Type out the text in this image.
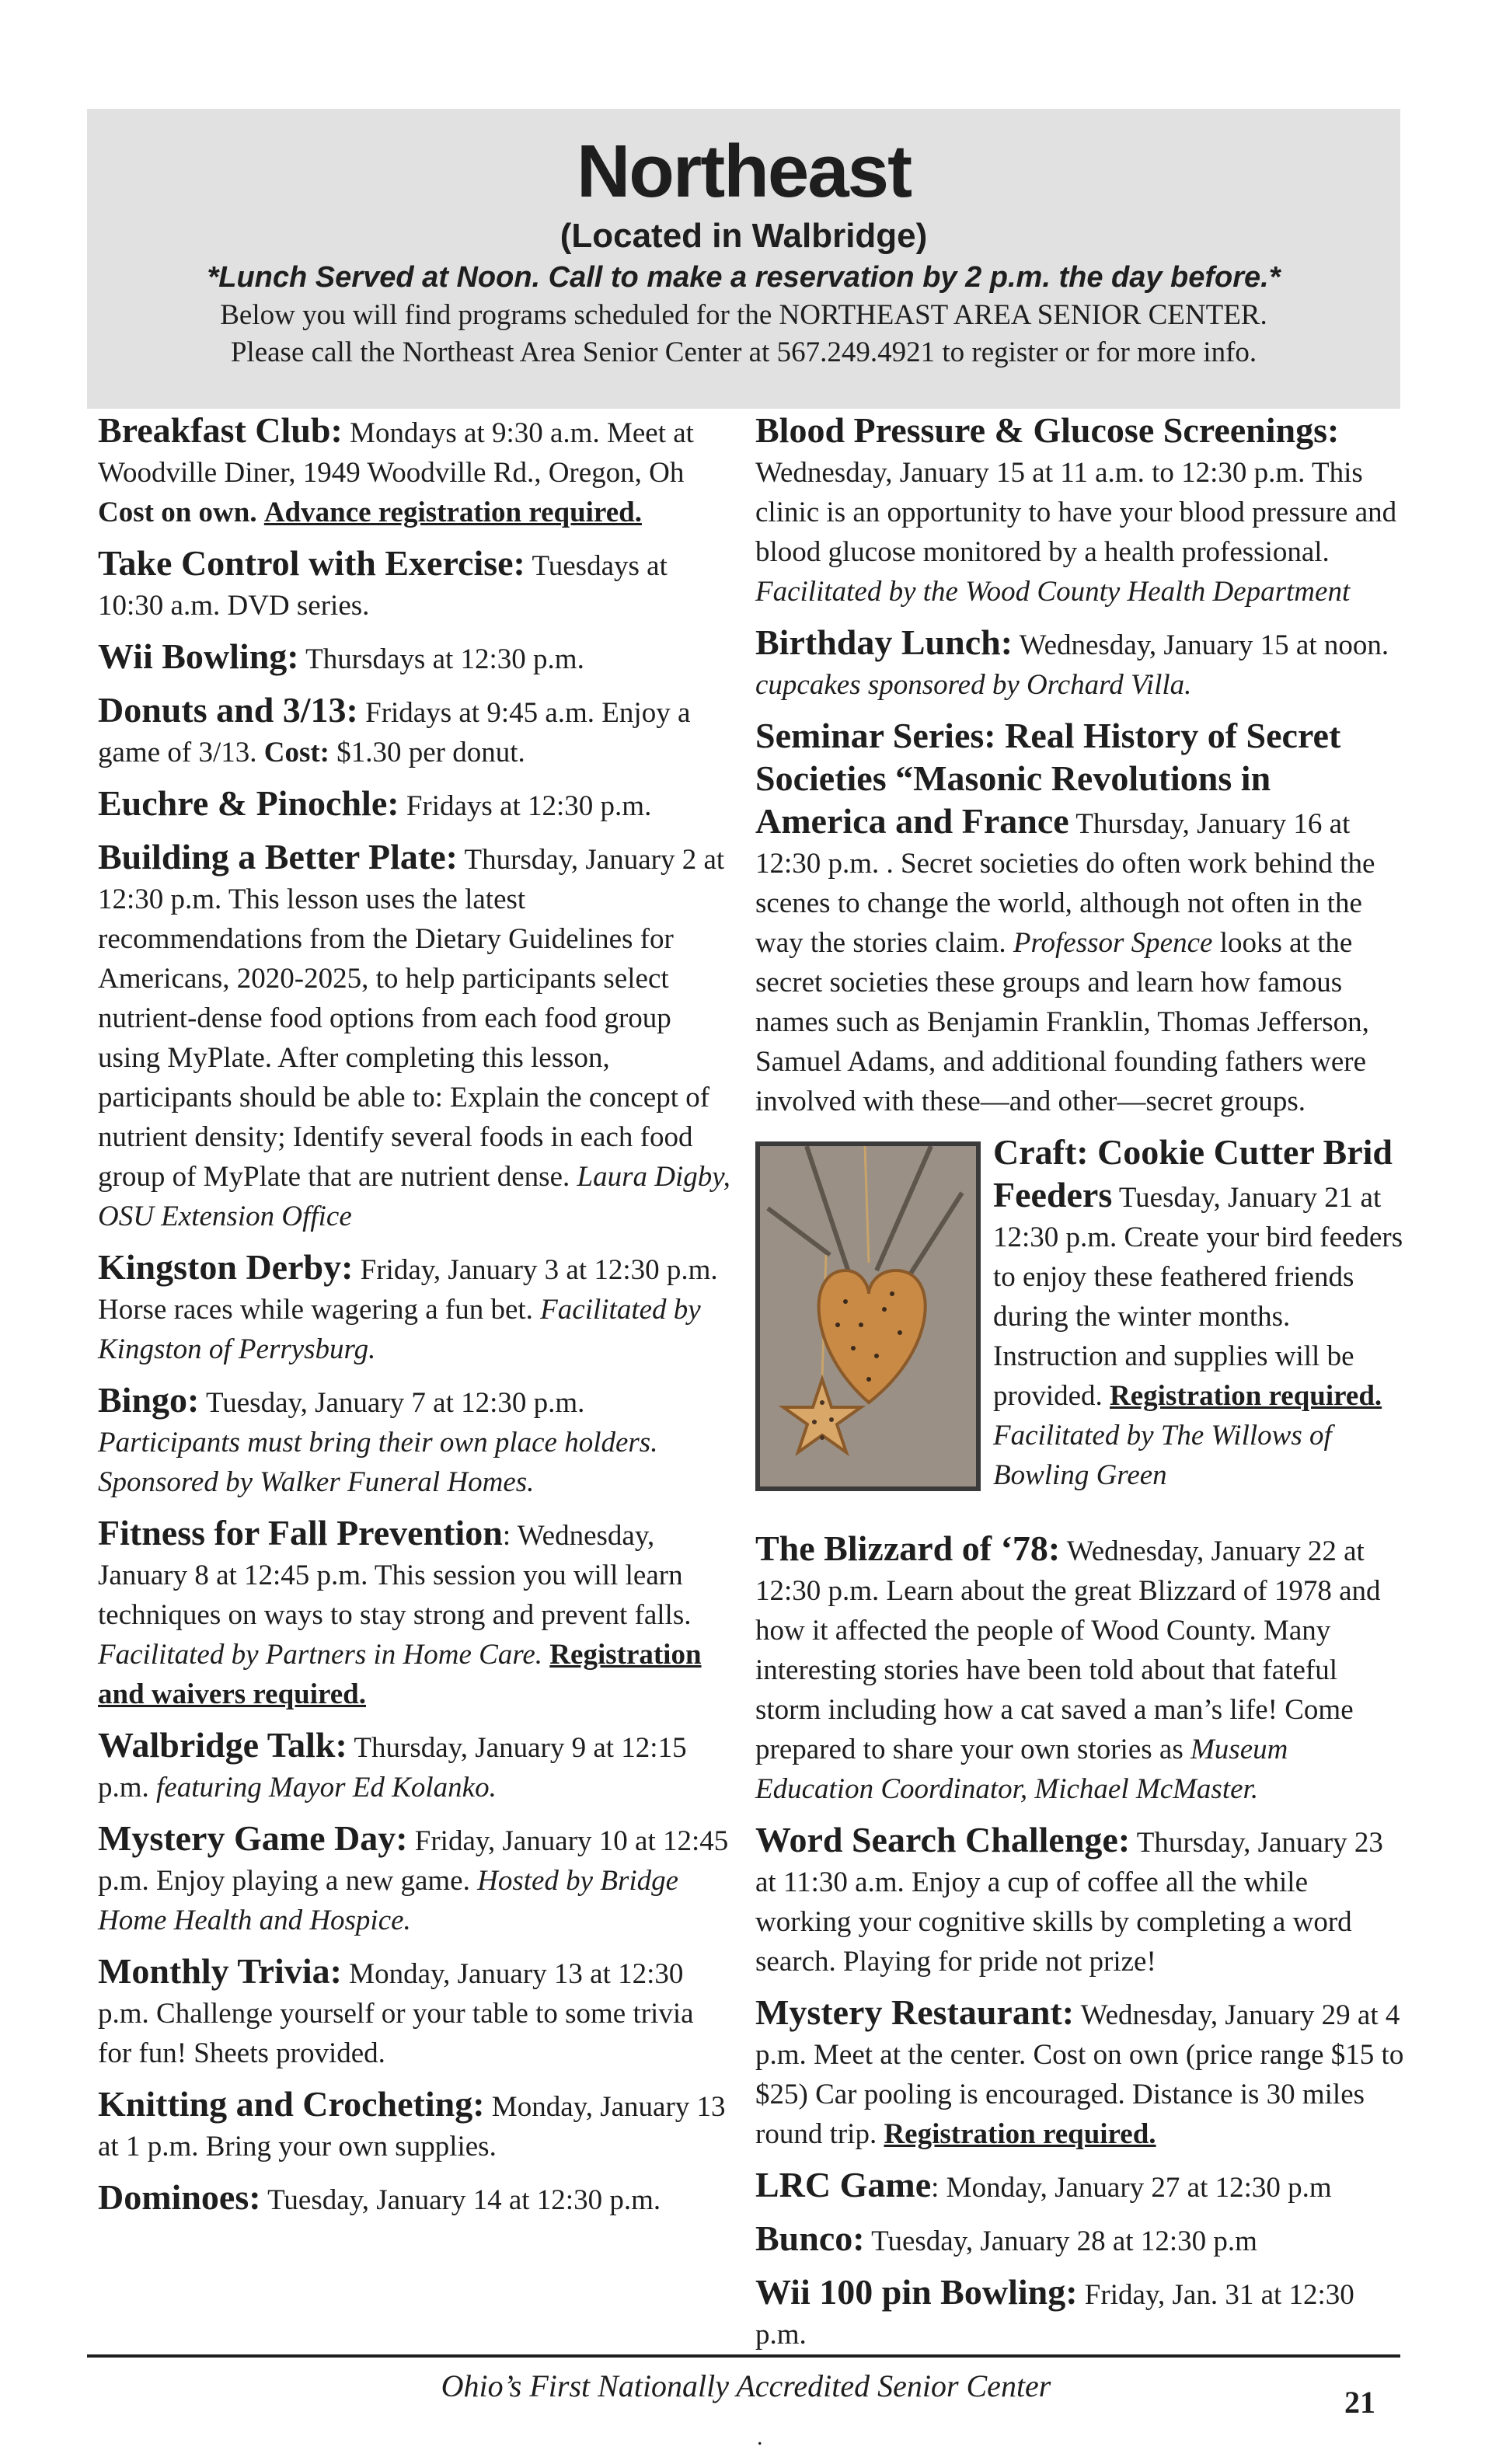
Northeast
(Located in Walbridge)
*Lunch Served at Noon. Call to make a reservation by 2 p.m. the day before.*
Below you will find programs scheduled for the NORTHEAST AREA SENIOR CENTER.
Please call the Northeast Area Senior Center at 567.249.4921 to register or for more info.
Breakfast Club: Mondays at 9:30 a.m. Meet at Woodville Diner, 1949 Woodville Rd., Oregon, Oh Cost on own. Advance registration required.
Take Control with Exercise: Tuesdays at 10:30 a.m. DVD series.
Wii Bowling: Thursdays at 12:30 p.m.
Donuts and 3/13: Fridays at 9:45 a.m. Enjoy a game of 3/13. Cost: $1.30 per donut.
Euchre & Pinochle: Fridays at 12:30 p.m.
Building a Better Plate: Thursday, January 2 at 12:30 p.m. This lesson uses the latest recommendations from the Dietary Guidelines for Americans, 2020-2025, to help participants select nutrient-dense food options from each food group using MyPlate. After completing this lesson, participants should be able to: Explain the concept of nutrient density; Identify several foods in each food group of MyPlate that are nutrient dense. Laura Digby, OSU Extension Office
Kingston Derby: Friday, January 3 at 12:30 p.m. Horse races while wagering a fun bet. Facilitated by Kingston of Perrysburg.
Bingo: Tuesday, January 7 at 12:30 p.m. Participants must bring their own place holders. Sponsored by Walker Funeral Homes.
Fitness for Fall Prevention: Wednesday, January 8 at 12:45 p.m. This session you will learn techniques on ways to stay strong and prevent falls. Facilitated by Partners in Home Care. Registration and waivers required.
Walbridge Talk: Thursday, January 9 at 12:15 p.m. featuring Mayor Ed Kolanko.
Mystery Game Day: Friday, January 10 at 12:45 p.m. Enjoy playing a new game. Hosted by Bridge Home Health and Hospice.
Monthly Trivia: Monday, January 13 at 12:30 p.m. Challenge yourself or your table to some trivia for fun! Sheets provided.
Knitting and Crocheting: Monday, January 13 at 1 p.m. Bring your own supplies.
Dominoes: Tuesday, January 14 at 12:30 p.m.
Blood Pressure & Glucose Screenings: Wednesday, January 15 at 11 a.m. to 12:30 p.m. This clinic is an opportunity to have your blood pressure and blood glucose monitored by a health professional. Facilitated by the Wood County Health Department
Birthday Lunch: Wednesday, January 15 at noon. cupcakes sponsored by Orchard Villa.
Seminar Series: Real History of Secret Societies “Masonic Revolutions in America and France Thursday, January 16 at 12:30 p.m. . Secret societies do often work behind the scenes to change the world, although not often in the way the stories claim. Professor Spence looks at the secret societies these groups and learn how famous names such as Benjamin Franklin, Thomas Jefferson, Samuel Adams, and additional founding fathers were involved with these—and other—secret groups.
Craft: Cookie Cutter Brid Feeders Tuesday, January 21 at 12:30 p.m. Create your bird feeders to enjoy these feathered friends during the winter months. Instruction and supplies will be provided. Registration required. Facilitated by The Willows of Bowling Green
The Blizzard of ‘78: Wednesday, January 22 at 12:30 p.m. Learn about the great Blizzard of 1978 and how it affected the people of Wood County. Many interesting stories have been told about that fateful storm including how a cat saved a man’s life! Come prepared to share your own stories as Museum Education Coordinator, Michael McMaster.
Word Search Challenge: Thursday, January 23 at 11:30 a.m. Enjoy a cup of coffee all the while working your cognitive skills by completing a word search. Playing for pride not prize!
Mystery Restaurant: Wednesday, January 29 at 4 p.m. Meet at the center. Cost on own (price range $15 to $25) Car pooling is encouraged. Distance is 30 miles round trip. Registration required.
LRC Game: Monday, January 27 at 12:30 p.m
Bunco: Tuesday, January 28 at 12:30 p.m
Wii 100 pin Bowling: Friday, Jan. 31 at 12:30 p.m.
Ohio’s First Nationally Accredited Senior Center	21
.
